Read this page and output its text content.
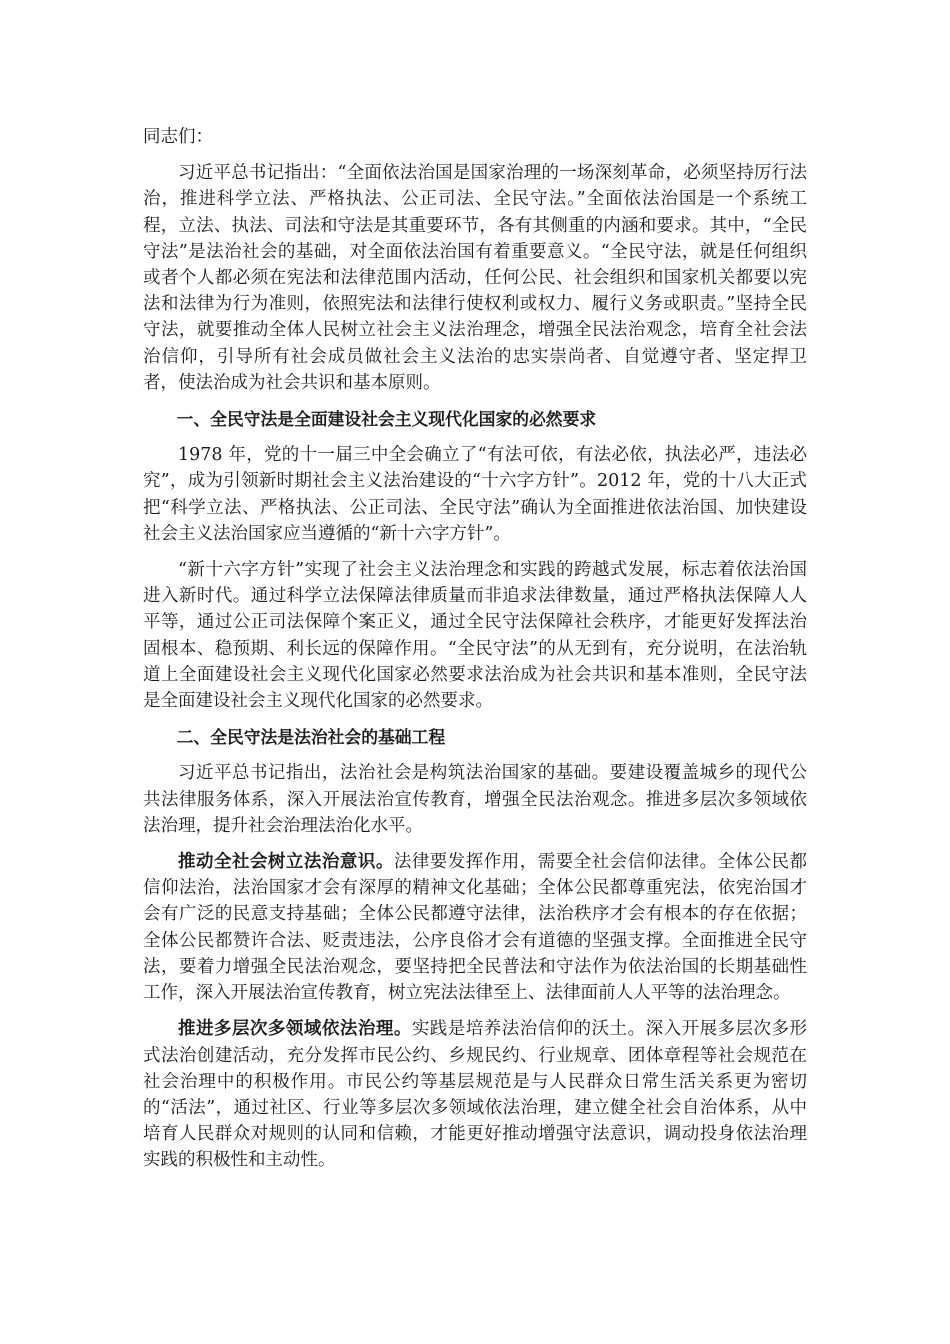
同志们：

习近平总书记指出：“全面依法治国是国家治理的一场深刻革命，必须坚持厉行法治，推进科学立法、严格执法、公正司法、全民守法。”全面依法治国是一个系统工程，立法、执法、司法和守法是其重要环节，各有其侧重的内涵和要求。其中，“全民守法”是法治社会的基础，对全面依法治国有着重要意义。“全民守法，就是任何组织或者个人都必须在宪法和法律范围内活动，任何公民、社会组织和国家机关都要以宪法和法律为行为准则，依照宪法和法律行使权利或权力、履行义务或职责。”坚持全民守法，就要推动全体人民树立社会主义法治理念，增强全民法治观念，培育全社会法治信仰，引导所有社会成员做社会主义法治的忠实崇尚者、自觉遵守者、坚定捍卫者，使法治成为社会共识和基本原则。

一、全民守法是全面建设社会主义现代化国家的必然要求

1978 年，党的十一届三中全会确立了“有法可依，有法必依，执法必严，违法必究”，成为引领新时期社会主义法治建设的“十六字方针”。2012 年，党的十八大正式把“科学立法、严格执法、公正司法、全民守法”确认为全面推进依法治国、加快建设社会主义法治国家应当遵循的“新十六字方针”。

“新十六字方针”实现了社会主义法治理念和实践的跨越式发展，标志着依法治国进入新时代。通过科学立法保障法律质量而非追求法律数量，通过严格执法保障人人平等，通过公正司法保障个案正义，通过全民守法保障社会秩序，才能更好发挥法治固根本、稳预期、利长远的保障作用。“全民守法”的从无到有，充分说明，在法治轨道上全面建设社会主义现代化国家必然要求法治成为社会共识和基本准则，全民守法是全面建设社会主义现代化国家的必然要求。

二、全民守法是法治社会的基础工程

习近平总书记指出，法治社会是构筑法治国家的基础。要建设覆盖城乡的现代公共法律服务体系，深入开展法治宣传教育，增强全民法治观念。推进多层次多领域依法治理，提升社会治理法治化水平。

推动全社会树立法治意识。法律要发挥作用，需要全社会信仰法律。全体公民都信仰法治，法治国家才会有深厚的精神文化基础；全体公民都尊重宪法，依宪治国才会有广泛的民意支持基础；全体公民都遵守法律，法治秩序才会有根本的存在依据；全体公民都赞许合法、贬责违法，公序良俗才会有道德的坚强支撑。全面推进全民守法，要着力增强全民法治观念，要坚持把全民普法和守法作为依法治国的长期基础性工作，深入开展法治宣传教育，树立宪法法律至上、法律面前人人平等的法治理念。

推进多层次多领域依法治理。实践是培养法治信仰的沃土。深入开展多层次多形式法治创建活动，充分发挥市民公约、乡规民约、行业规章、团体章程等社会规范在社会治理中的积极作用。市民公约等基层规范是与人民群众日常生活关系更为密切的“活法”，通过社区、行业等多层次多领域依法治理，建立健全社会自治体系，从中培育人民群众对规则的认同和信赖，才能更好推动增强守法意识，调动投身依法治理实践的积极性和主动性。
